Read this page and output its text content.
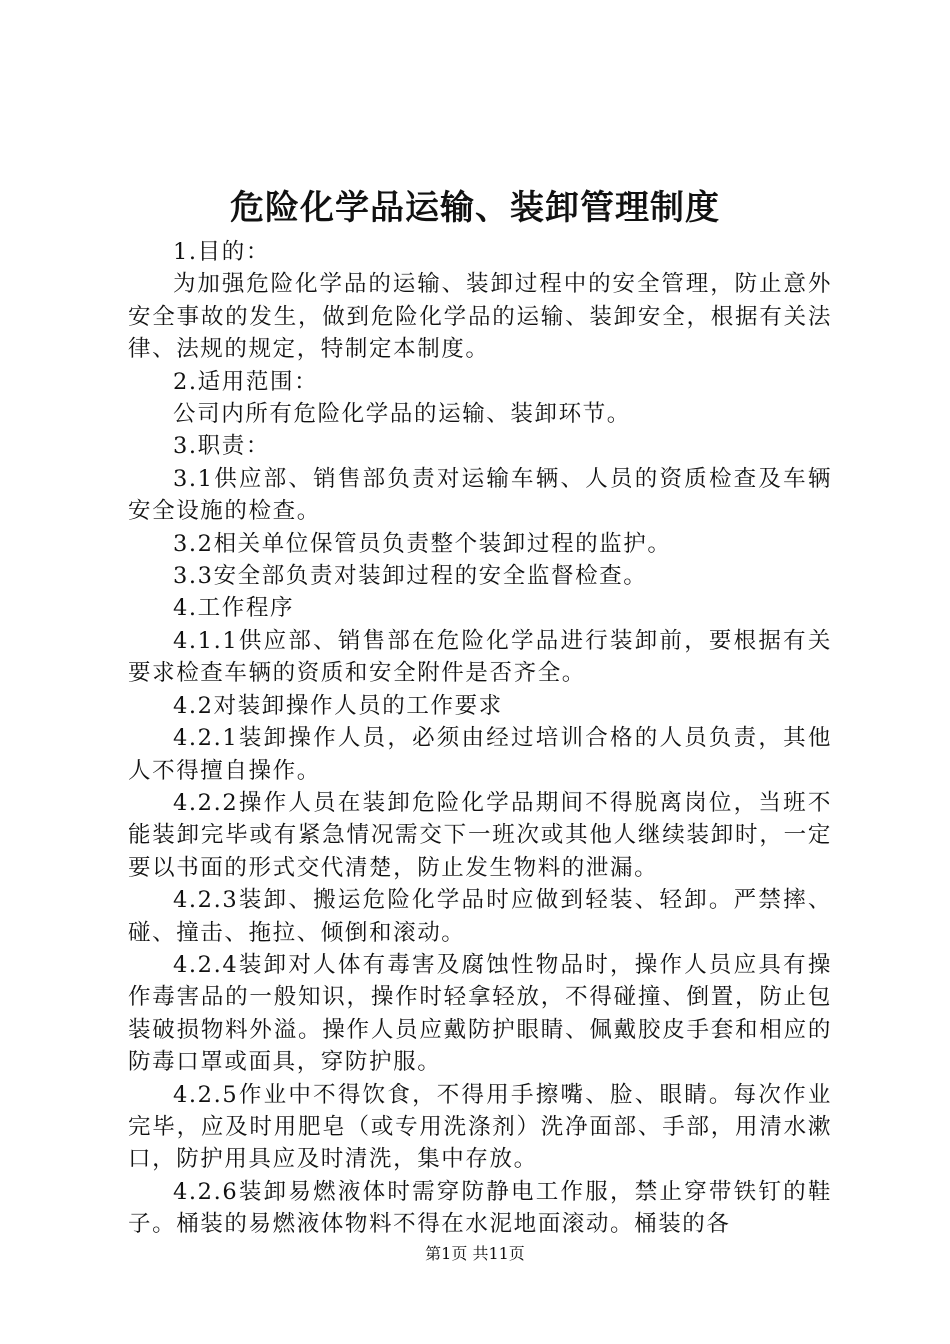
危险化学品运输、装卸管理制度

1.目的：

为加强危险化学品的运输、装卸过程中的安全管理，防止意外安全事故的发生，做到危险化学品的运输、装卸安全，根据有关法律、法规的规定，特制定本制度。

2.适用范围：

公司内所有危险化学品的运输、装卸环节。

3.职责：

3.1供应部、销售部负责对运输车辆、人员的资质检查及车辆安全设施的检查。

3.2相关单位保管员负责整个装卸过程的监护。

3.3安全部负责对装卸过程的安全监督检查。

4.工作程序

4.1.1供应部、销售部在危险化学品进行装卸前，要根据有关要求检查车辆的资质和安全附件是否齐全。

4.2对装卸操作人员的工作要求

4.2.1装卸操作人员，必须由经过培训合格的人员负责，其他人不得擅自操作。

4.2.2操作人员在装卸危险化学品期间不得脱离岗位，当班不能装卸完毕或有紧急情况需交下一班次或其他人继续装卸时，一定要以书面的形式交代清楚，防止发生物料的泄漏。

4.2.3装卸、搬运危险化学品时应做到轻装、轻卸。严禁摔、碰、撞击、拖拉、倾倒和滚动。

4.2.4装卸对人体有毒害及腐蚀性物品时，操作人员应具有操作毒害品的一般知识，操作时轻拿轻放，不得碰撞、倒置，防止包装破损物料外溢。操作人员应戴防护眼睛、佩戴胶皮手套和相应的防毒口罩或面具，穿防护服。

4.2.5作业中不得饮食，不得用手擦嘴、脸、眼睛。每次作业完毕，应及时用肥皂（或专用洗涤剂）洗净面部、手部，用清水漱口，防护用具应及时清洗，集中存放。

4.2.6装卸易燃液体时需穿防静电工作服，禁止穿带铁钉的鞋子。桶装的易燃液体物料不得在水泥地面滚动。桶装的各

第1页 共11页
